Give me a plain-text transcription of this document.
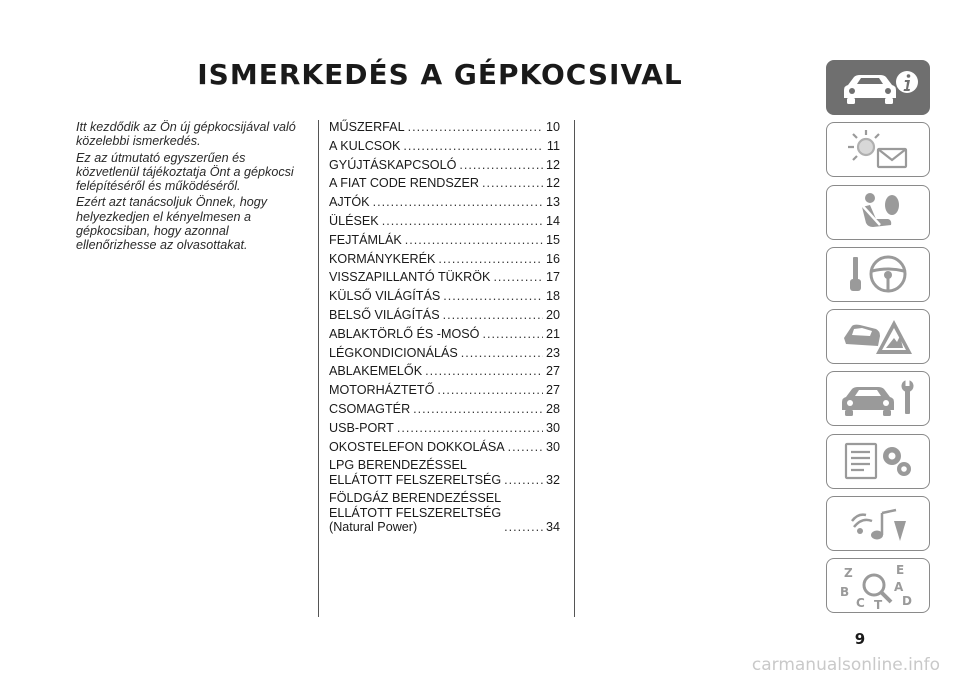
ISMERKEDÉS A GÉPKOCSIVAL

Itt kezdődik az Ön új gépkocsijával való közelebbi ismerkedés.

Ez az útmutató egyszerűen és közvetlenül tájékoztatja Önt a gépkocsi felépítéséről és működéséről.

Ezért azt tanácsoljuk Önnek, hogy helyezkedjen el kényelmesen a gépkocsiban, hogy azonnal ellenőrizhesse az olvasottakat.

MŰSZERFAL .....	10
A KULCSOK .....	11
GYÚJTÁSKAPCSOLÓ .....	12
A FIAT CODE RENDSZER .....	12
AJTÓK .....	13
ÜLÉSEK .....	14
FEJTÁMLÁK .....	15
KORMÁNYKERÉK .....	16
VISSZAPILLANTÓ TÜKRÖK .....	17
KÜLSŐ VILÁGÍTÁS .....	18
BELSŐ VILÁGÍTÁS .....	20
ABLAKTÖRLŐ ÉS -MOSÓ .....	21
LÉGKONDICIONÁLÁS .....	23
ABLAKEMELŐK .....	27
MOTORHÁZTETŐ .....	27
CSOMAGTÉR .....	28
USB-PORT .....	30
OKOSTELEFON DOKKOLÁSA .....	30
LPG BERENDEZÉSSEL
ELLÁTOTT FELSZERELTSÉG .....	32
FÖLDGÁZ BERENDEZÉSSEL
ELLÁTOTT FELSZERELTSÉG
(Natural Power) .....	34
Z	E
B	A
C T D
9
carmanualsonline.info
